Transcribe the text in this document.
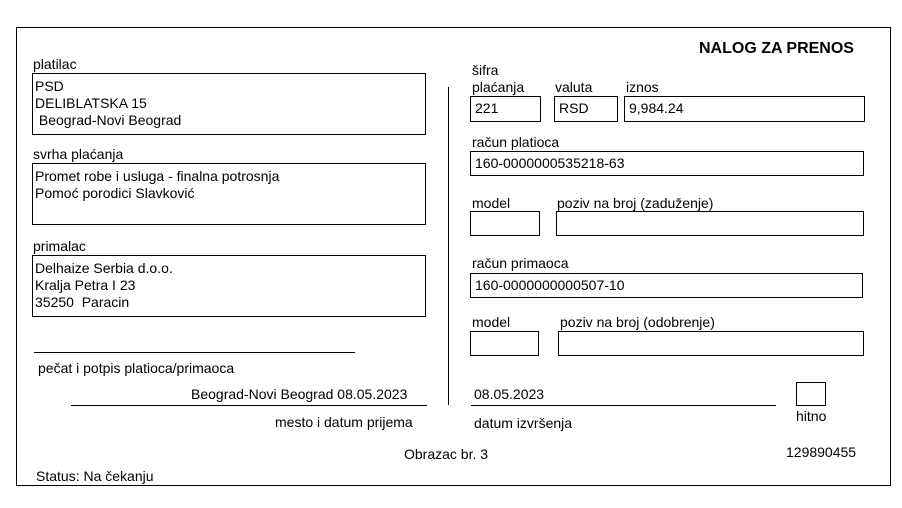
NALOG ZA PRENOS
platilac
PSD
DELIBLATSKA 15
Beograd-Novi Beograd
svrha plaćanja
Promet robe i usluga - finalna potrosnja
Pomoć porodici Slavković
primalac
Delhaize Serbia d.o.o.
Kralja Petra I 23
35250  Paracin
pečat i potpis platioca/primaoca
Beograd-Novi Beograd 08.05.2023
mesto i datum prijema
šifra
plaćanja
221
valuta
RSD
iznos
9,984.24
račun platioca
160-0000000535218-63
model	poziv na broj (zaduženje)
račun primaoca
160-0000000000507-10
model	poziv na broj (odobrenje)
08.05.2023
datum izvršenja	hitno
Obrazac br. 3	129890455
Status: Na čekanju
